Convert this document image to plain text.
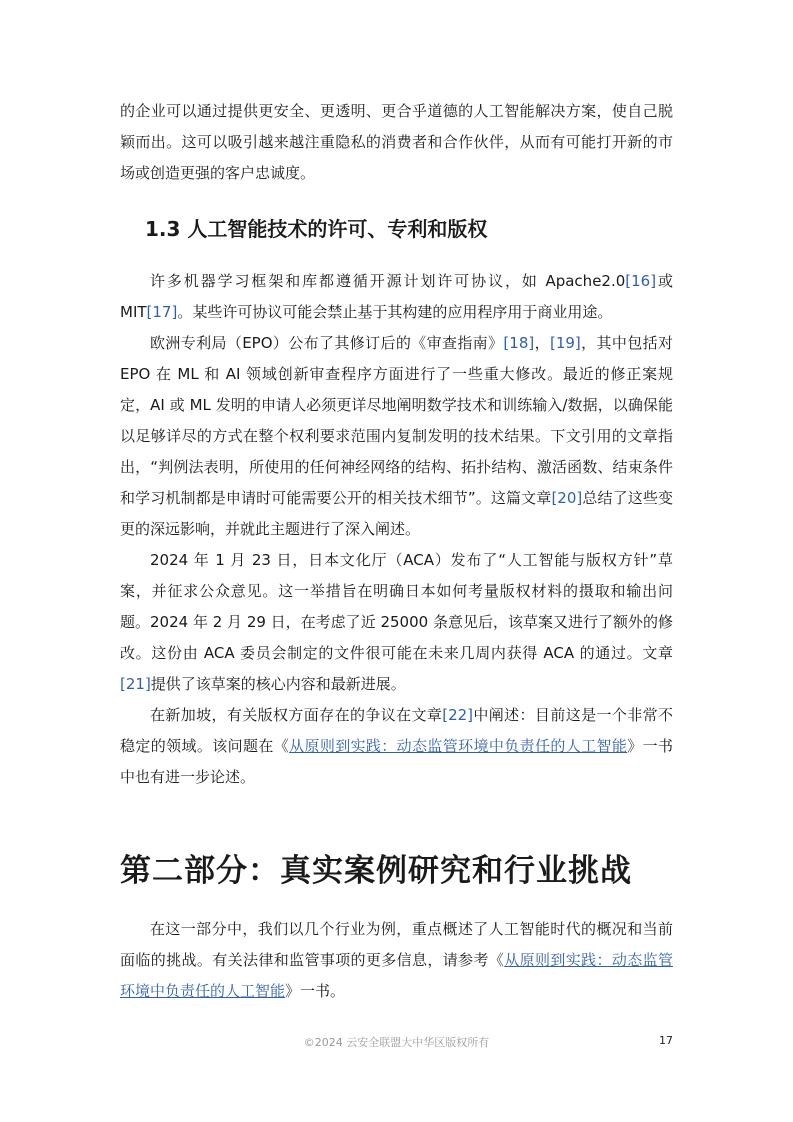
的企业可以通过提供更安全、更透明、更合乎道德的人工智能解决方案，使自己脱颖而出。这可以吸引越来越注重隐私的消费者和合作伙伴，从而有可能打开新的市场或创造更强的客户忠诚度。

1.3 人工智能技术的许可、专利和版权

许多机器学习框架和库都遵循开源计划许可协议，如 Apache2.0[16]或 MIT[17]。某些许可协议可能会禁止基于其构建的应用程序用于商业用途。

欧洲专利局（EPO）公布了其修订后的《审查指南》[18]，[19]，其中包括对 EPO 在 ML 和 AI 领域创新审查程序方面进行了一些重大修改。最近的修正案规定，AI 或 ML 发明的申请人必须更详尽地阐明数学技术和训练输入/数据，以确保能以足够详尽的方式在整个权利要求范围内复制发明的技术结果。下文引用的文章指出，“判例法表明，所使用的任何神经网络的结构、拓扑结构、激活函数、结束条件和学习机制都是申请时可能需要公开的相关技术细节”。这篇文章[20]总结了这些变更的深远影响，并就此主题进行了深入阐述。

2024 年 1 月 23 日，日本文化厅（ACA）发布了“人工智能与版权方针”草案，并征求公众意见。这一举措旨在明确日本如何考量版权材料的摄取和输出问题。2024 年 2 月 29 日，在考虑了近 25000 条意见后，该草案又进行了额外的修改。这份由 ACA 委员会制定的文件很可能在未来几周内获得 ACA 的通过。文章[21]提供了该草案的核心内容和最新进展。

在新加坡，有关版权方面存在的争议在文章[22]中阐述：目前这是一个非常不稳定的领域。该问题在《从原则到实践：动态监管环境中负责任的人工智能》一书中也有进一步论述。

第二部分：真实案例研究和行业挑战

在这一部分中，我们以几个行业为例，重点概述了人工智能时代的概况和当前面临的挑战。有关法律和监管事项的更多信息，请参考《从原则到实践：动态监管环境中负责任的人工智能》一书。

©2024 云安全联盟大中华区版权所有	17
